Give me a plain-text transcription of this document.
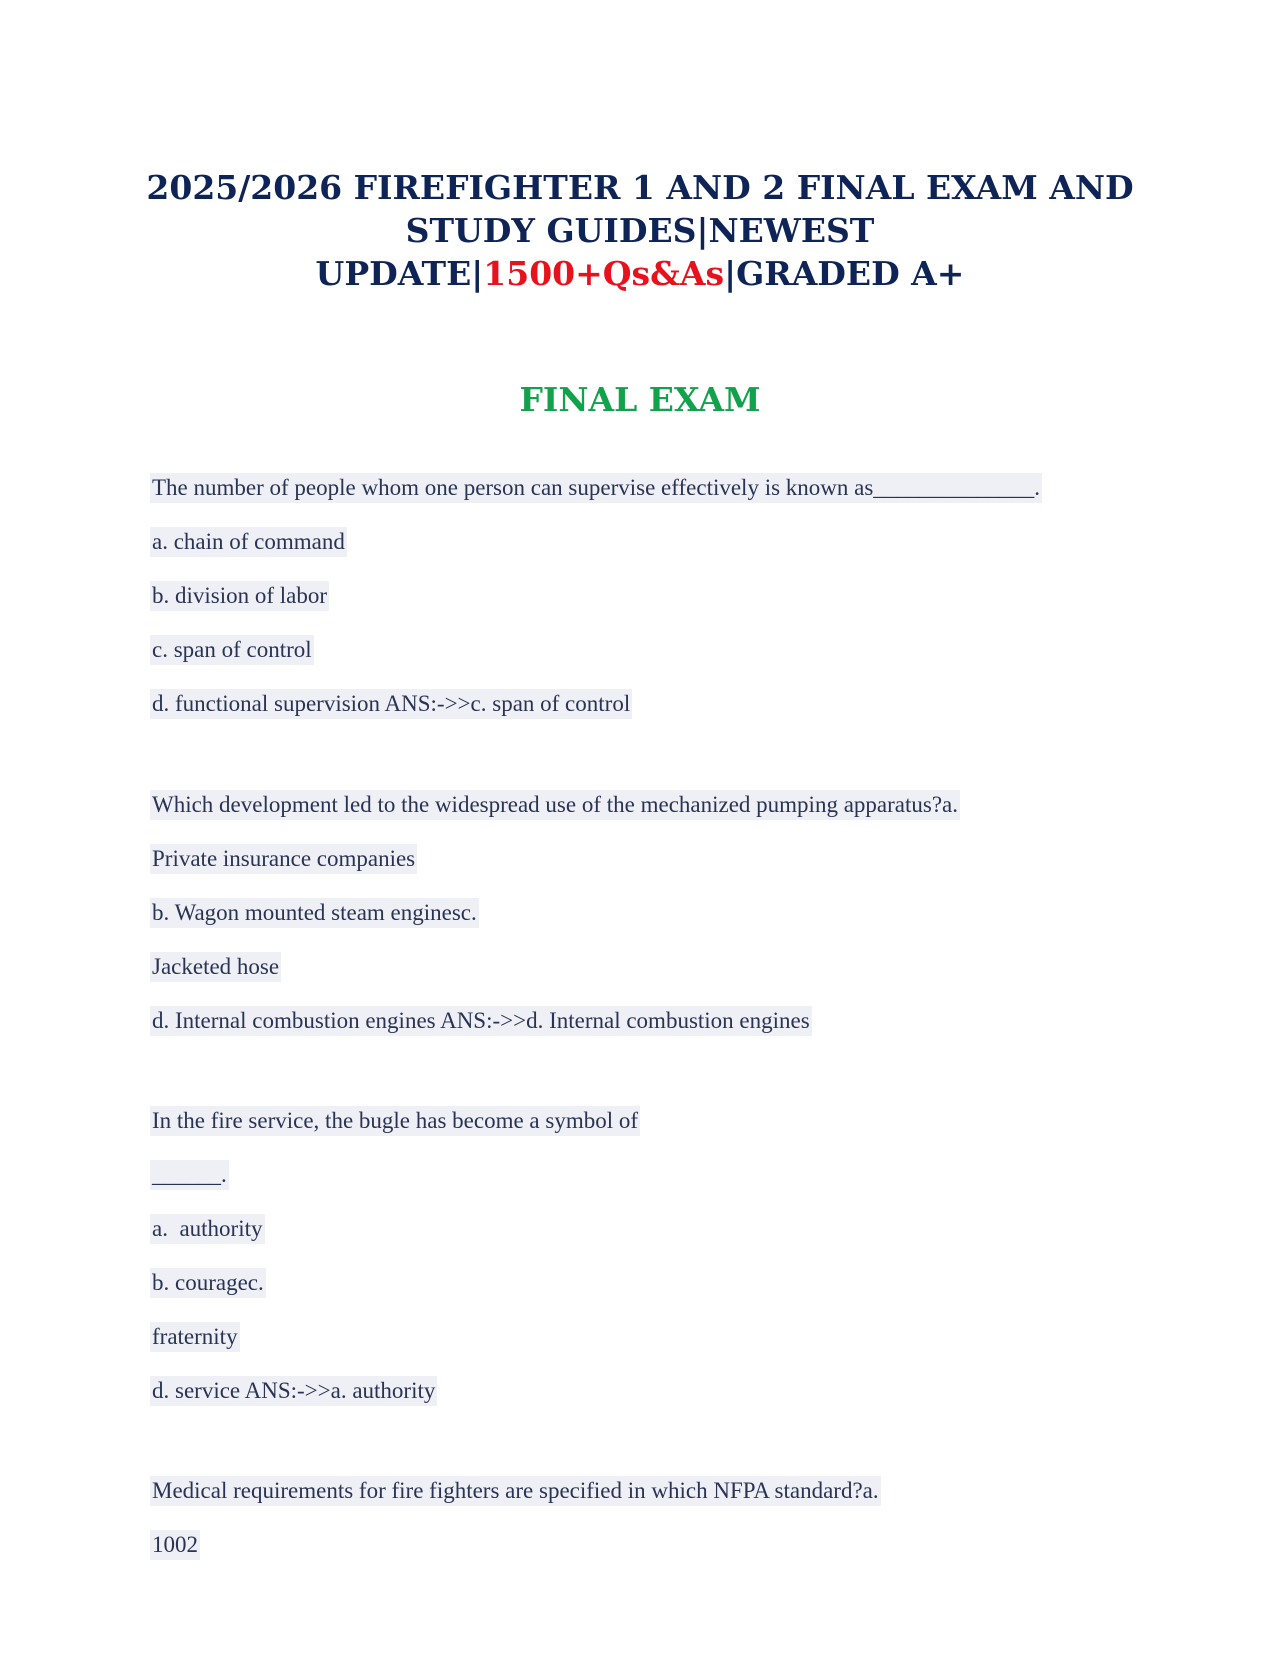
2025/2026 FIREFIGHTER 1 AND 2 FINAL EXAM AND
STUDY GUIDES|NEWEST
UPDATE|1500+Qs&As|GRADED A+
FINAL EXAM
The number of people whom one person can supervise effectively is known as______________.
a. chain of command
b. division of labor
c. span of control
d. functional supervision ANS:->>c. span of control
Which development led to the widespread use of the mechanized pumping apparatus?a.
Private insurance companies
b. Wagon mounted steam enginesc.
Jacketed hose
d. Internal combustion engines ANS:->>d. Internal combustion engines
In the fire service, the bugle has become a symbol of
______.
a.  authority
b. couragec.
fraternity
d. service ANS:->>a. authority
Medical requirements for fire fighters are specified in which NFPA standard?a.
1002
